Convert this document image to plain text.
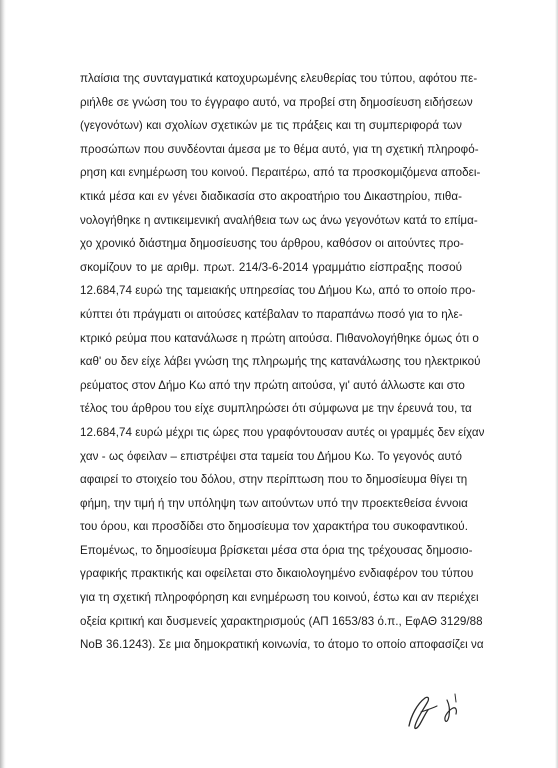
πλαίσια της συνταγματικά κατοχυρωμένης ελευθερίας του τύπου, αφότου πε-
ριήλθε σε γνώση του το έγγραφο αυτό, να προβεί στη δημοσίευση ειδήσεων
(γεγονότων) και σχολίων σχετικών με τις πράξεις και τη συμπεριφορά των
προσώπων που συνδέονται άμεσα με το θέμα αυτό, για τη σχετική πληροφό-
ρηση και ενημέρωση του κοινού. Περαιτέρω, από τα προσκομιζόμενα αποδει-
κτικά μέσα και εν γένει διαδικασία στο ακροατήριο του Δικαστηρίου, πιθα-
νολογήθηκε η αντικειμενική αναλήθεια των ως άνω γεγονότων κατά το επίμα-
χο χρονικό διάστημα δημοσίευσης του άρθρου, καθόσον οι αιτούντες προ-
σκομίζουν το με αριθμ. πρωτ. 214/3-6-2014 γραμμάτιο είσπραξης ποσού
12.684,74 ευρώ της ταμειακής υπηρεσίας του Δήμου Κω, από το οποίο προ-
κύπτει ότι πράγματι οι αιτούσες κατέβαλαν το παραπάνω ποσό για το ηλε-
κτρικό ρεύμα που κατανάλωσε η πρώτη αιτούσα. Πιθανολογήθηκε όμως ότι ο
καθ' ου δεν είχε λάβει γνώση της πληρωμής της κατανάλωσης του ηλεκτρικού
ρεύματος στον Δήμο Κω από την πρώτη αιτούσα, γι' αυτό άλλωστε και στο
τέλος του άρθρου του είχε συμπληρώσει ότι σύμφωνα με την έρευνά του, τα
12.684,74 ευρώ μέχρι τις ώρες που γραφόντουσαν αυτές οι γραμμές δεν είχαν
χαν - ως όφειλαν – επιστρέψει στα ταμεία του Δήμου Κω. Το γεγονός αυτό
αφαιρεί το στοιχείο του δόλου, στην περίπτωση που το δημοσίευμα θίγει τη
φήμη, την τιμή ή την υπόληψη των αιτούντων υπό την προεκτεθείσα έννοια
του όρου, και προσδίδει στο δημοσίευμα τον χαρακτήρα του συκοφαντικού.
Επομένως, το δημοσίευμα βρίσκεται μέσα στα όρια της τρέχουσας δημοσιο-
γραφικής πρακτικής και οφείλεται στο δικαιολογημένο ενδιαφέρον του τύπου
για τη σχετική πληροφόρηση και ενημέρωση του κοινού, έστω και αν περιέχει
οξεία κριτική και δυσμενείς χαρακτηρισμούς (ΑΠ 1653/83 ό.π., ΕφΑΘ 3129/88
ΝοΒ 36.1243). Σε μια δημοκρατική κοινωνία, το άτομο το οποίο αποφασίζει να
